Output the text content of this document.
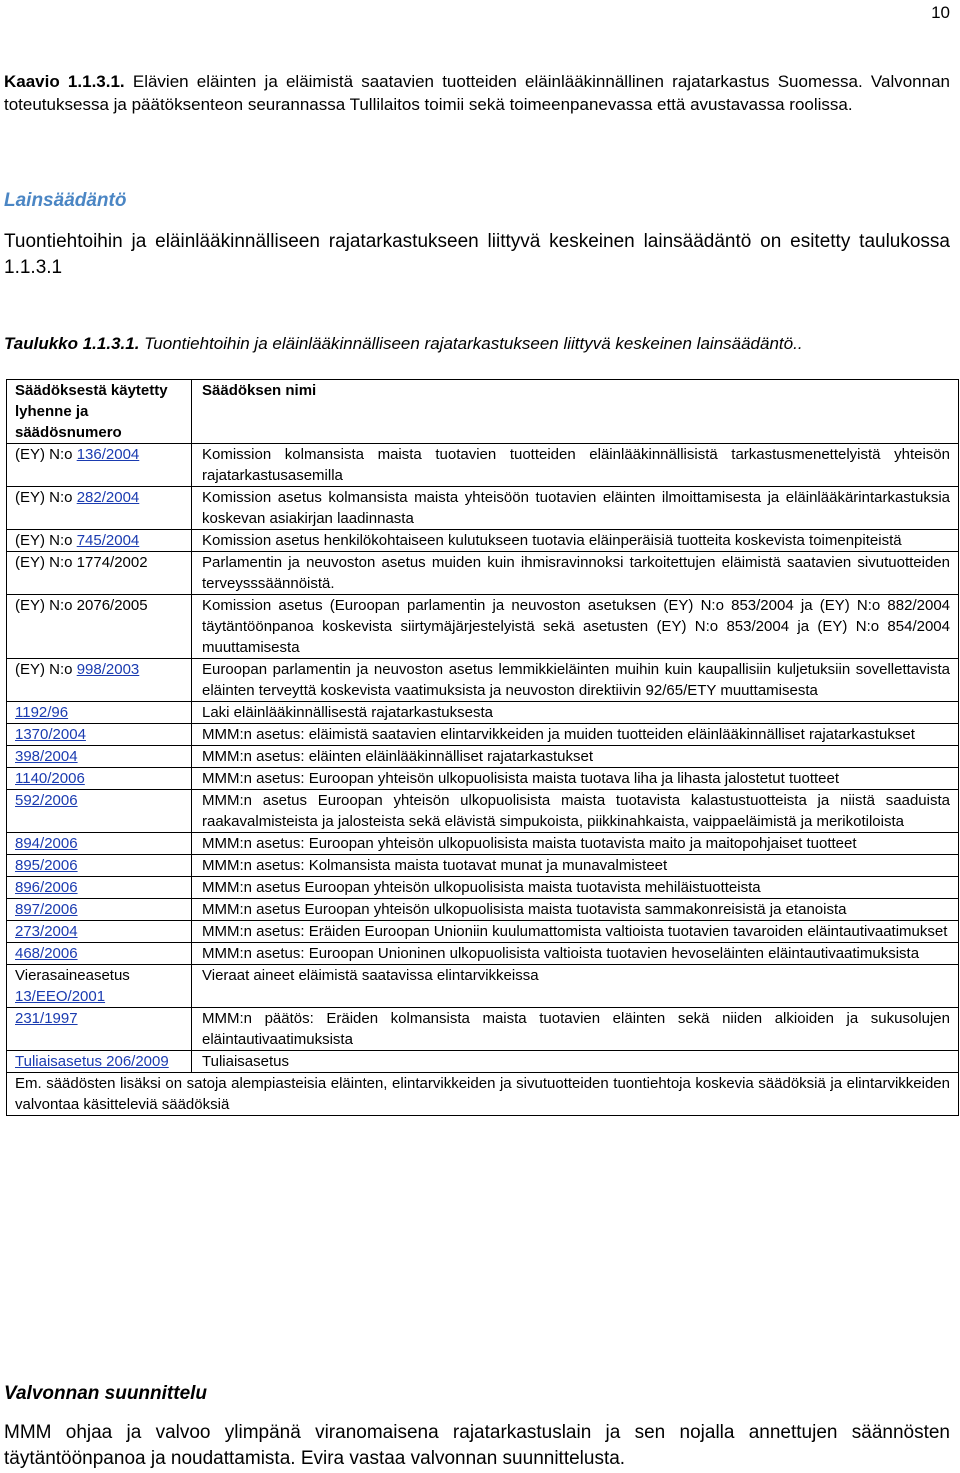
10
Kaavio 1.1.3.1. Elävien eläinten ja eläimistä saatavien tuotteiden eläinlääkinnällinen rajatarkastus Suomessa. Valvonnan toteutuksessa ja päätöksenteon seurannassa Tullilaitos toimii sekä toimeenpanevassa että avustavassa roolissa.
Lainsäädäntö
Tuontiehtoihin ja eläinlääkinnälliseen rajatarkastukseen liittyvä keskeinen lainsäädäntö on esitetty taulukossa 1.1.3.1
Taulukko 1.1.3.1. Tuontiehtoihin ja eläinlääkinnälliseen rajatarkastukseen liittyvä keskeinen lainsäädäntö..
Säädöksestä käytetty lyhenne ja säädösnumero	Säädöksen nimi
(EY) N:o 136/2004	Komission kolmansista maista tuotavien tuotteiden eläinlääkinnällisistä tarkastusmenettelyistä yhteisön rajatarkastusasemilla
(EY) N:o 282/2004	Komission asetus kolmansista maista yhteisöön tuotavien eläinten ilmoittamisesta ja eläinlääkärintarkastuksia koskevan asiakirjan laadinnasta
(EY) N:o 745/2004	Komission asetus henkilökohtaiseen kulutukseen tuotavia eläinperäisiä tuotteita koskevista toimenpiteistä
(EY) N:o 1774/2002	Parlamentin ja neuvoston asetus muiden kuin ihmisravinnoksi tarkoitettujen eläimistä saatavien sivutuotteiden terveysssäännöistä.
(EY) N:o 2076/2005	Komission asetus (Euroopan parlamentin ja neuvoston asetuksen (EY) N:o 853/2004 ja (EY) N:o 882/2004 täytäntöönpanoa koskevista siirtymäjärjestelyistä sekä asetusten (EY) N:o 853/2004 ja (EY) N:o 854/2004 muuttamisesta
(EY) N:o 998/2003	Euroopan parlamentin ja neuvoston asetus lemmikkieläinten muihin kuin kaupallisiin kuljetuksiin sovellettavista eläinten terveyttä koskevista vaatimuksista ja neuvoston direktiivin 92/65/ETY muuttamisesta
1192/96	Laki eläinlääkinnällisestä rajatarkastuksesta
1370/2004	MMM:n asetus: eläimistä saatavien elintarvikkeiden ja muiden tuotteiden eläinlääkinnälliset rajatarkastukset
398/2004	MMM:n asetus: eläinten eläinlääkinnälliset rajatarkastukset
1140/2006	MMM:n asetus: Euroopan yhteisön ulkopuolisista maista tuotava liha ja lihasta jalostetut tuotteet
592/2006	MMM:n asetus Euroopan yhteisön ulkopuolisista maista tuotavista kalastustuotteista ja niistä saaduista raakavalmisteista ja jalosteista sekä elävistä simpukoista, piikkinahkaista, vaippaeläimistä ja merikotiloista
894/2006	MMM:n asetus: Euroopan yhteisön ulkopuolisista maista tuotavista maito ja maitopohjaiset tuotteet
895/2006	MMM:n asetus: Kolmansista maista tuotavat munat ja munavalmisteet
896/2006	MMM:n asetus Euroopan yhteisön ulkopuolisista maista tuotavista mehiläistuotteista
897/2006	MMM:n asetus Euroopan yhteisön ulkopuolisista maista tuotavista sammakonreisistä ja etanoista
273/2004	MMM:n asetus: Eräiden Euroopan Unioniin kuulumattomista valtioista tuotavien tavaroiden eläintautivaatimukset
468/2006	MMM:n asetus: Euroopan Unioninen ulkopuolisista valtioista tuotavien hevoseläinten eläintautivaatimuksista
Vierasaineasetus 13/EEO/2001	Vieraat aineet eläimistä saatavissa elintarvikkeissa
231/1997	MMM:n päätös: Eräiden kolmansista maista tuotavien eläinten sekä niiden alkioiden ja sukusolujen eläintautivaatimuksista
Tuliaisasetus 206/2009	Tuliaisasetus
Em. säädösten lisäksi on satoja alempiasteisia eläinten, elintarvikkeiden ja sivutuotteiden tuontiehtoja koskevia säädöksiä ja elintarvikkeiden valvontaa käsitteleviä säädöksiä	
Valvonnan suunnittelu
MMM ohjaa ja valvoo ylimpänä viranomaisena rajatarkastuslain ja sen nojalla annettujen säännösten täytäntöönpanoa ja noudattamista. Evira vastaa valvonnan suunnittelusta.
